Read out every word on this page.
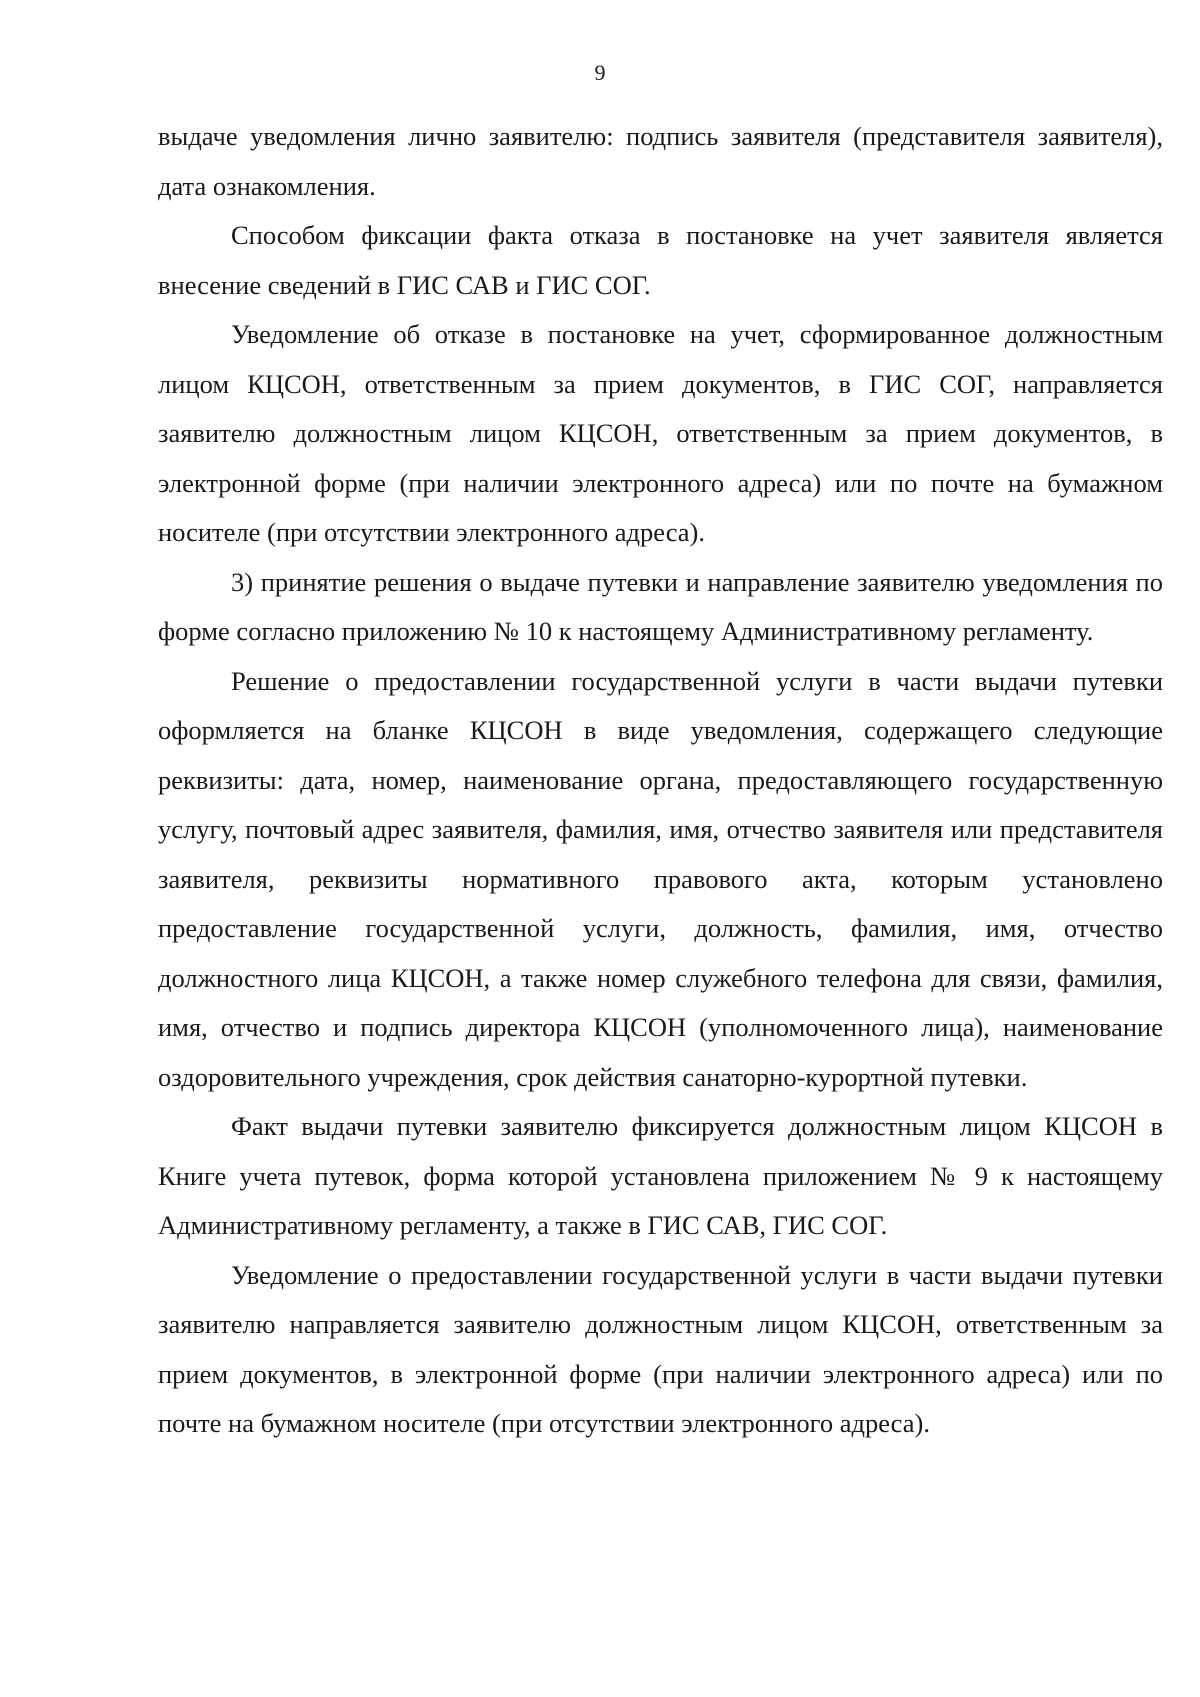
9

выдаче уведомления лично заявителю: подпись заявителя (представителя заявителя), дата ознакомления.

Способом фиксации факта отказа в постановке на учет заявителя является внесение сведений в ГИС САВ и ГИС СОГ.

Уведомление об отказе в постановке на учет, сформированное должностным лицом КЦСОН, ответственным за прием документов, в ГИС СОГ, направляется заявителю должностным лицом КЦСОН, ответственным за прием документов, в электронной форме (при наличии электронного адреса) или по почте на бумажном носителе (при отсутствии электронного адреса).

3) принятие решения о выдаче путевки и направление заявителю уведомления по форме согласно приложению № 10 к настоящему Административному регламенту.

Решение о предоставлении государственной услуги в части выдачи путевки оформляется на бланке КЦСОН в виде уведомления, содержащего следующие реквизиты: дата, номер, наименование органа, предоставляющего государственную услугу, почтовый адрес заявителя, фамилия, имя, отчество заявителя или представителя заявителя, реквизиты нормативного правового акта, которым установлено предоставление государственной услуги, должность, фамилия, имя, отчество должностного лица КЦСОН, а также номер служебного телефона для связи, фамилия, имя, отчество и подпись директора КЦСОН (уполномоченного лица), наименование оздоровительного учреждения, срок действия санаторно-курортной путевки.

Факт выдачи путевки заявителю фиксируется должностным лицом КЦСОН в Книге учета путевок, форма которой установлена приложением № 9 к настоящему Административному регламенту, а также в ГИС САВ, ГИС СОГ.

Уведомление о предоставлении государственной услуги в части выдачи путевки заявителю направляется заявителю должностным лицом КЦСОН, ответственным за прием документов, в электронной форме (при наличии электронного адреса) или по почте на бумажном носителе (при отсутствии электронного адреса).
